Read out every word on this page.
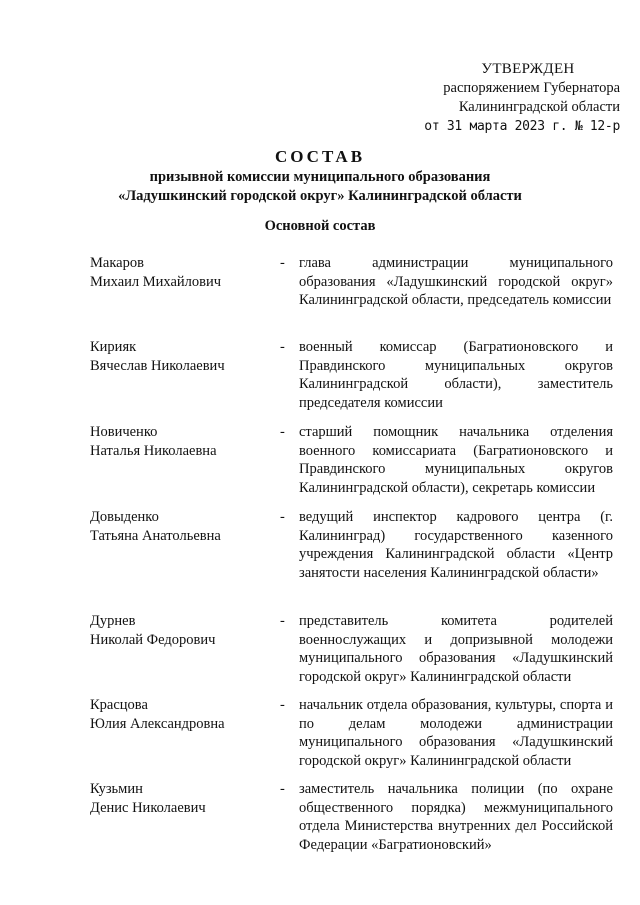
УТВЕРЖДЕН
распоряжением Губернатора
Калининградской области
от 31 марта 2023 г. № 12-р
СОСТАВ
призывной комиссии муниципального образования
«Ладушкинский городской округ» Калининградской области
Основной состав
Макаров
Михаил Михайлович
- глава администрации муниципального образования «Ладушкинский городской округ» Калининградской области, председатель комиссии
Кирияк
Вячеслав Николаевич
- военный комиссар (Багратионовского и Правдинского муниципальных округов Калининградской области), заместитель председателя комиссии
Новиченко
Наталья Николаевна
- старший помощник начальника отделения военного комиссариата (Багратионовского и Правдинского муниципальных округов Калининградской области), секретарь комиссии
Довыденко
Татьяна Анатольевна
- ведущий инспектор кадрового центра (г. Калининград) государственного казенного учреждения Калининградской области «Центр занятости населения Калининградской области»
Дурнев
Николай Федорович
- представитель комитета родителей военнослужащих и допризывной молодежи муниципального образования «Ладушкинский городской округ» Калининградской области
Красцова
Юлия Александровна
- начальник отдела образования, культуры, спорта и по делам молодежи администрации муниципального образования «Ладушкинский городской округ» Калининградской области
Кузьмин
Денис Николаевич
- заместитель начальника полиции (по охране общественного порядка) межмуниципального отдела Министерства внутренних дел Российской Федерации «Багратионовский»
